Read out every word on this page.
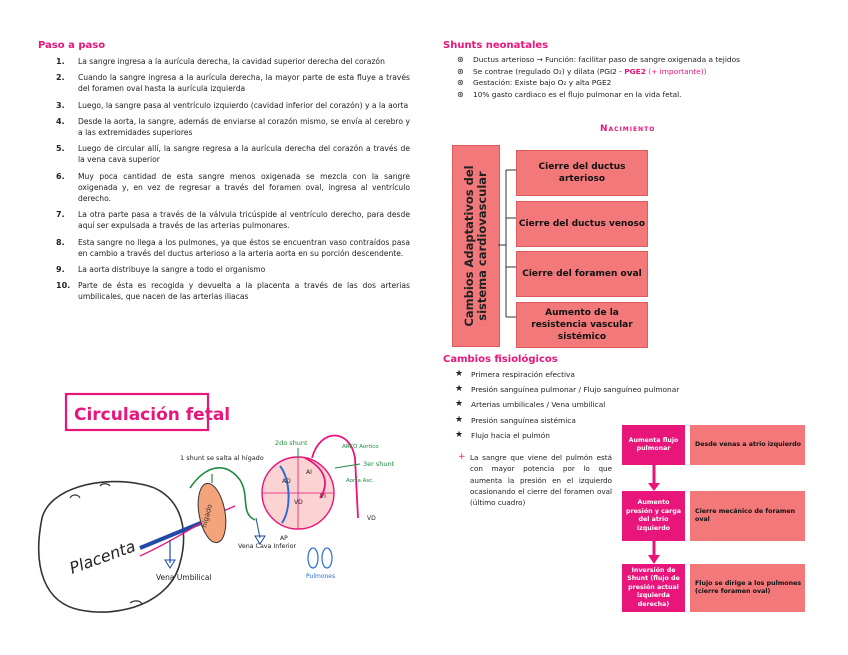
Paso a paso
1. La sangre ingresa a la aurícula derecha, la cavidad superior derecha del corazón
2. Cuando la sangre ingresa a la aurícula derecha, la mayor parte de esta fluye a través del foramen oval hasta la aurícula izquierda
3. Luego, la sangre pasa al ventrículo izquierdo (cavidad inferior del corazón) y a la aorta
4. Desde la aorta, la sangre, además de enviarse al corazón mismo, se envía al cerebro y a las extremidades superiores
5. Luego de circular allí, la sangre regresa a la aurícula derecha del corazón a través de la vena cava superior
6. Muy poca cantidad de esta sangre menos oxigenada se mezcla con la sangre oxigenada y, en vez de regresar a través del foramen oval, ingresa al ventrículo derecho.
7. La otra parte pasa a través de la válvula tricúspide al ventrículo derecho, para desde aquí ser expulsada a través de las arterias pulmonares.
8. Esta sangre no llega a los pulmones, ya que éstos se encuentran vaso contraídos pasa en cambio a través del ductus arterioso a la arteria aorta en su porción descendente.
9. La aorta distribuye la sangre a todo el organismo
10. Parte de ésta es recogida y devuelta a la placenta a través de las dos arterias umbilicales, que nacen de las arterias iliacas
Circulación fetal
Placenta Vena Umbilical
hígado
1 shunt se salta al hígado
AI
AD
VI
VD
AP
VD
2do shunt
3er shunt
ARCO Aórtico
Aorta Asc.
Vena Cava Inferior
Pulmones
Shunts neonatales
⊛ Ductus arterioso → Función: facilitar paso de sangre oxigenada a tejidos
⊛ Se contrae (regulado O₂) y dilata (PGI2 - PGE2 (+ importante))
⊛ Gestación: Existe bajo O₂ y alta PGE2
⊛ 10% gasto cardiaco es el flujo pulmonar en la vida fetal.
Nacimiento
Cambios Adaptativos del sistema cardiovascular
Cierre del ductus arterioso
Cierre del ductus venoso
Cierre del foramen oval
Aumento de la resistencia vascular sistémico
Cambios fisiológicos
★ Primera respiración efectiva
★ Presión sanguínea pulmonar / Flujo sanguíneo pulmonar
★ Arterias umbilicales / Vena umbilical
★ Presión sanguínea sistémica
★ Flujo hacia el pulmón
+ La sangre que viene del pulmón está con mayor potencia por lo que aumenta la presión en el izquierdo ocasionando el cierre del foramen oval (último cuadro)
Aumenta flujo pulmonar
Desde venas a atrio izquierdo
Aumento presión y carga del atrio izquierdo
Cierre mecánico de foramen oval
Inversión de Shunt (flujo de presión actual izquierda derecha)
Flujo se dirige a los pulmones (cierre foramen oval)
